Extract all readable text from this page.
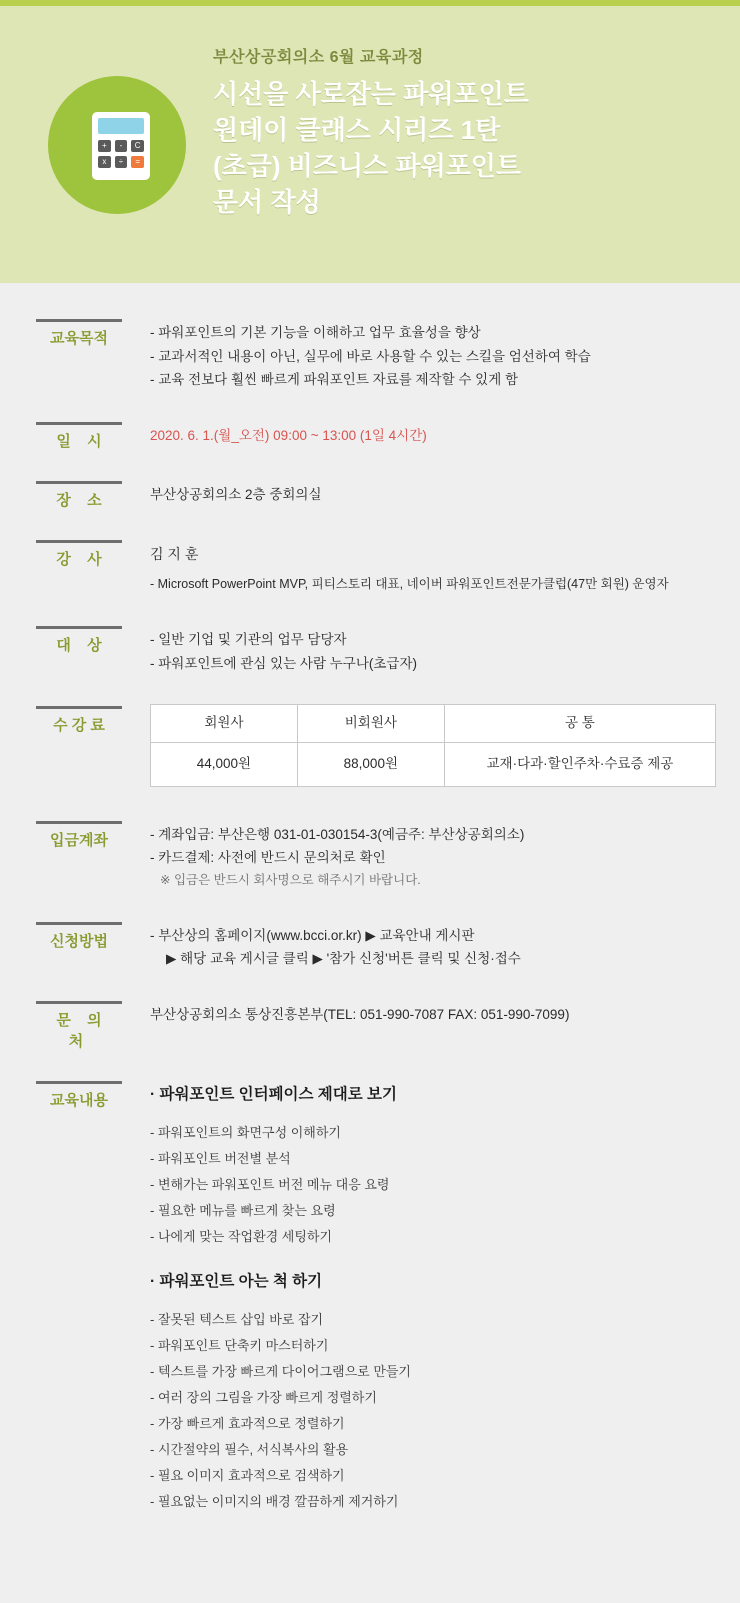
+	-	C
x	÷	=
부산상공회의소 6월 교육과정
시선을 사로잡는 파워포인트
원데이 클래스 시리즈 1탄
(초급) 비즈니스 파워포인트
문서 작성
교육목적	- 파워포인트의 기본 기능을 이해하고 업무 효율성을 향상
- 교과서적인 내용이 아닌, 실무에 바로 사용할 수 있는 스킬을 엄선하여 학습
- 교육 전보다 훨씬 빠르게 파워포인트 자료를 제작할 수 있게 함
일 시	2020. 6. 1.(월_오전) 09:00 ~ 13:00 (1일 4시간)
장 소	부산상공회의소 2층 중회의실
강 사	김 지 훈
- Microsoft PowerPoint MVP, 피티스토리 대표, 네이버 파워포인트전문가클럽(47만 회원) 운영자
대 상	- 일반 기업 및 기관의 업무 담당자
- 파워포인트에 관심 있는 사람 누구나(초급자)
수 강 료	회원사	비회원사	공 통
44,000원	88,000원	교재·다과·할인주차·수료증 제공
입금계좌	- 계좌입금: 부산은행 031-01-030154-3(예금주: 부산상공회의소)
- 카드결제: 사전에 반드시 문의처로 확인
※ 입금은 반드시 회사명으로 해주시기 바랍니다.
신청방법	- 부산상의 홈페이지(www.bcci.or.kr) ▶ 교육안내 게시판
▶ 해당 교육 게시글 클릭 ▶ '참가 신청'버튼 클릭 및 신청·접수
문 의 처
부산상공회의소 통상진흥본부(TEL: 051-990-7087 FAX: 051-990-7099)
교육내용	· 파워포인트 인터페이스 제대로 보기
- 파워포인트의 화면구성 이해하기
- 파워포인트 버전별 분석
- 변해가는 파워포인트 버전 메뉴 대응 요령
- 필요한 메뉴를 빠르게 찾는 요령
- 나에게 맞는 작업환경 세팅하기
· 파워포인트 아는 척 하기
- 잘못된 텍스트 삽입 바로 잡기
- 파워포인트 단축키 마스터하기
- 텍스트를 가장 빠르게 다이어그램으로 만들기
- 여러 장의 그림을 가장 빠르게 정렬하기
- 가장 빠르게 효과적으로 정렬하기
- 시간절약의 필수, 서식복사의 활용
- 필요 이미지 효과적으로 검색하기
- 필요없는 이미지의 배경 깔끔하게 제거하기
